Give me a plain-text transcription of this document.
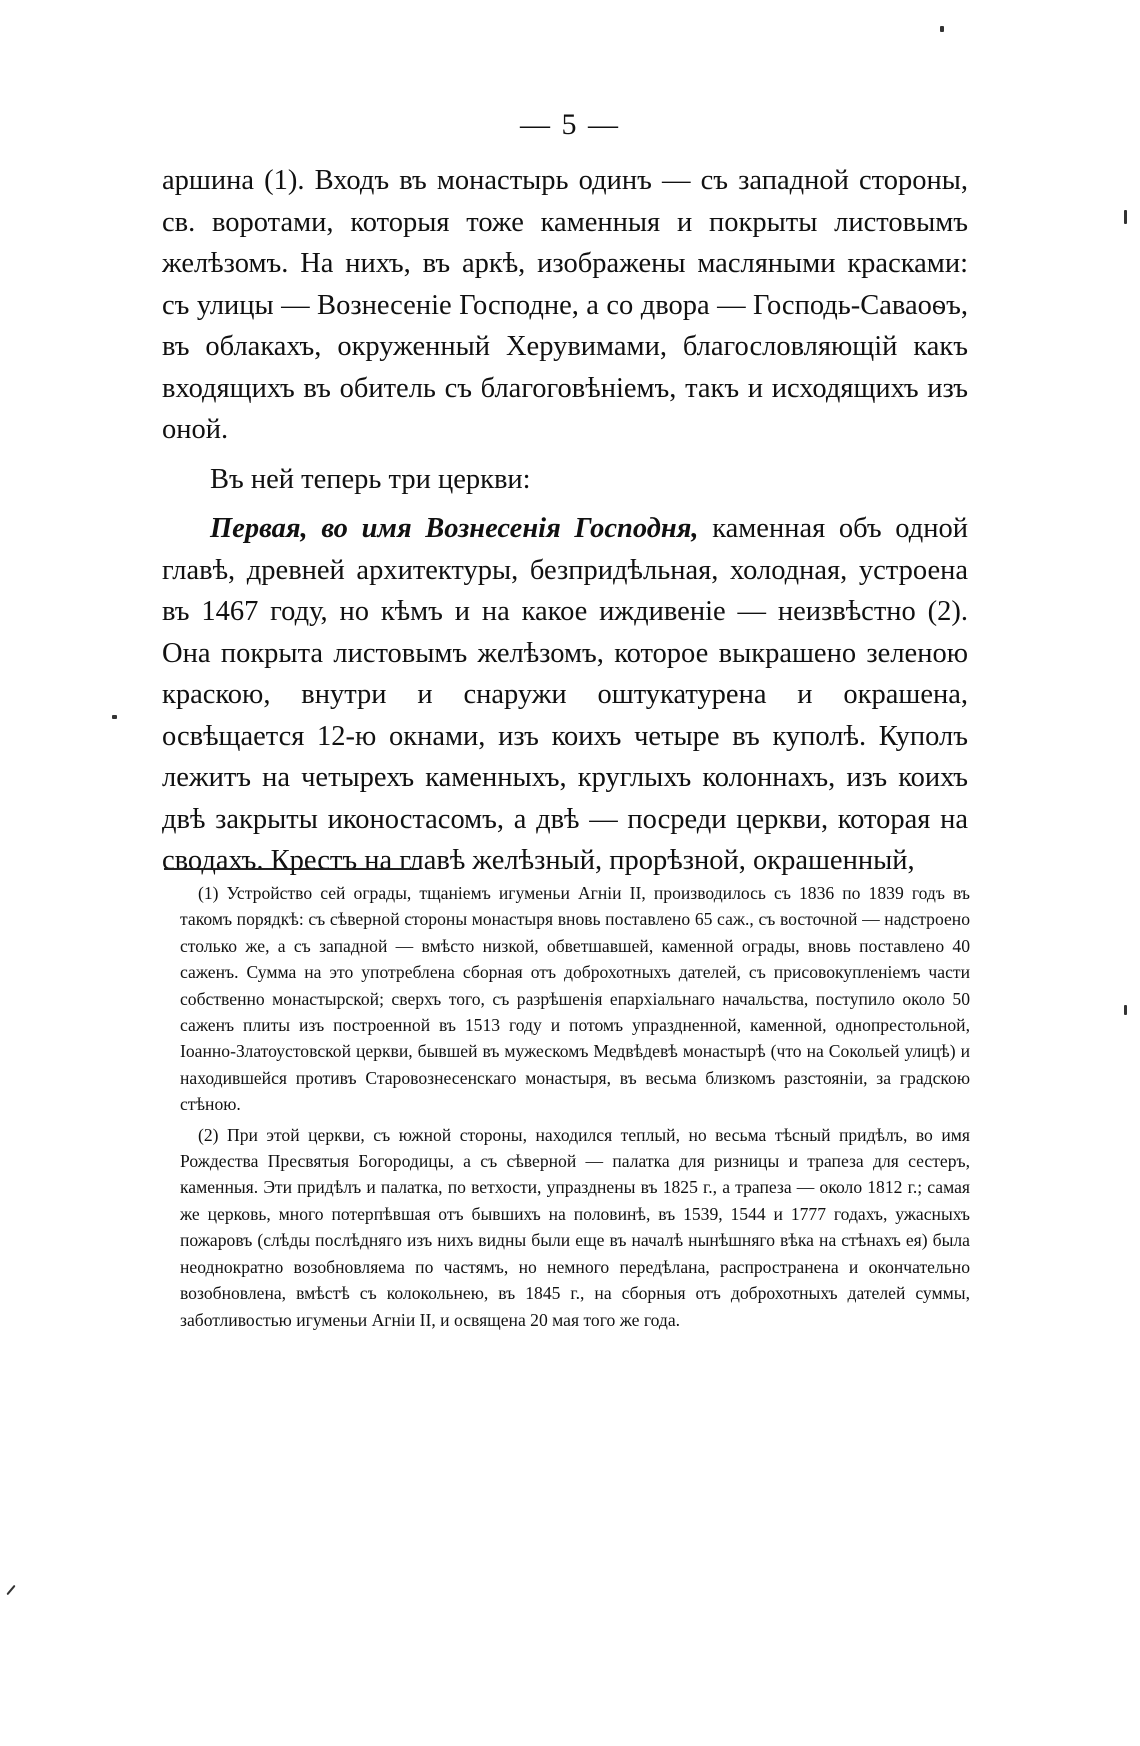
— 5 —

аршина (1). Входъ въ монастырь одинъ — съ западной стороны, св. воротами, которыя тоже каменныя и покрыты листовымъ желѣзомъ. На нихъ, въ аркѣ, изображены масляными красками: съ улицы — Вознесеніе Господне, а со двора — Господь-Саваоѳъ, въ облакахъ, окруженный Херувимами, благословляющій какъ входящихъ въ обитель съ благоговѣніемъ, такъ и исходящихъ изъ оной.

Въ ней теперь три церкви:

Первая, во имя Вознесенія Господня, каменная объ одной главѣ, древней архитектуры, безпридѣльная, холодная, устроена въ 1467 году, но кѣмъ и на какое иждивеніе — неизвѣстно (2). Она покрыта листовымъ желѣзомъ, которое выкрашено зеленою краскою, внутри и снаружи оштукатурена и окрашена, освѣщается 12-ю окнами, изъ коихъ четыре въ куполѣ. Куполъ лежитъ на четырехъ каменныхъ, круглыхъ колоннахъ, изъ коихъ двѣ закрыты иконостасомъ, а двѣ — посреди церкви, которая на сводахъ. Крестъ на главѣ желѣзный, прорѣзной, окрашенный,

(1) Устройство сей ограды, тщаніемъ игуменьи Агніи II, производилось съ 1836 по 1839 годъ въ такомъ порядкѣ: съ сѣверной стороны монастыря вновь поставлено 65 саж., съ восточной — надстроено столько же, а съ западной — вмѣсто низкой, обветшавшей, каменной ограды, вновь поставлено 40 саженъ. Сумма на это употреблена сборная отъ доброхотныхъ дателей, съ присовокупленіемъ части собственно монастырской; сверхъ того, съ разрѣшенія епархіальнаго начальства, поступило около 50 саженъ плиты изъ построенной въ 1513 году и потомъ упраздненной, каменной, однопрестольной, Іоанно-Златоустовской церкви, бывшей въ мужескомъ Медвѣдевѣ монастырѣ (что на Сокольей улицѣ) и находившейся противъ Старовознесенскаго монастыря, въ весьма близкомъ разстояніи, за градскою стѣною.

(2) При этой церкви, съ южной стороны, находился теплый, но весьма тѣсный придѣлъ, во имя Рождества Пресвятыя Богородицы, а съ сѣверной — палатка для ризницы и трапеза для сестеръ, каменныя. Эти придѣлъ и палатка, по ветхости, упразднены въ 1825 г., а трапеза — около 1812 г.; самая же церковь, много потерпѣвшая отъ бывшихъ на половинѣ, въ 1539, 1544 и 1777 годахъ, ужасныхъ пожаровъ (слѣды послѣдняго изъ нихъ видны были еще въ началѣ нынѣшняго вѣка на стѣнахъ ея) была неоднократно возобновляема по частямъ, но немного передѣлана, распространена и окончательно возобновлена, вмѣстѣ съ колокольнею, въ 1845 г., на сборныя отъ доброхотныхъ дателей суммы, заботливостью игуменьи Агніи II, и освящена 20 мая того же года.
